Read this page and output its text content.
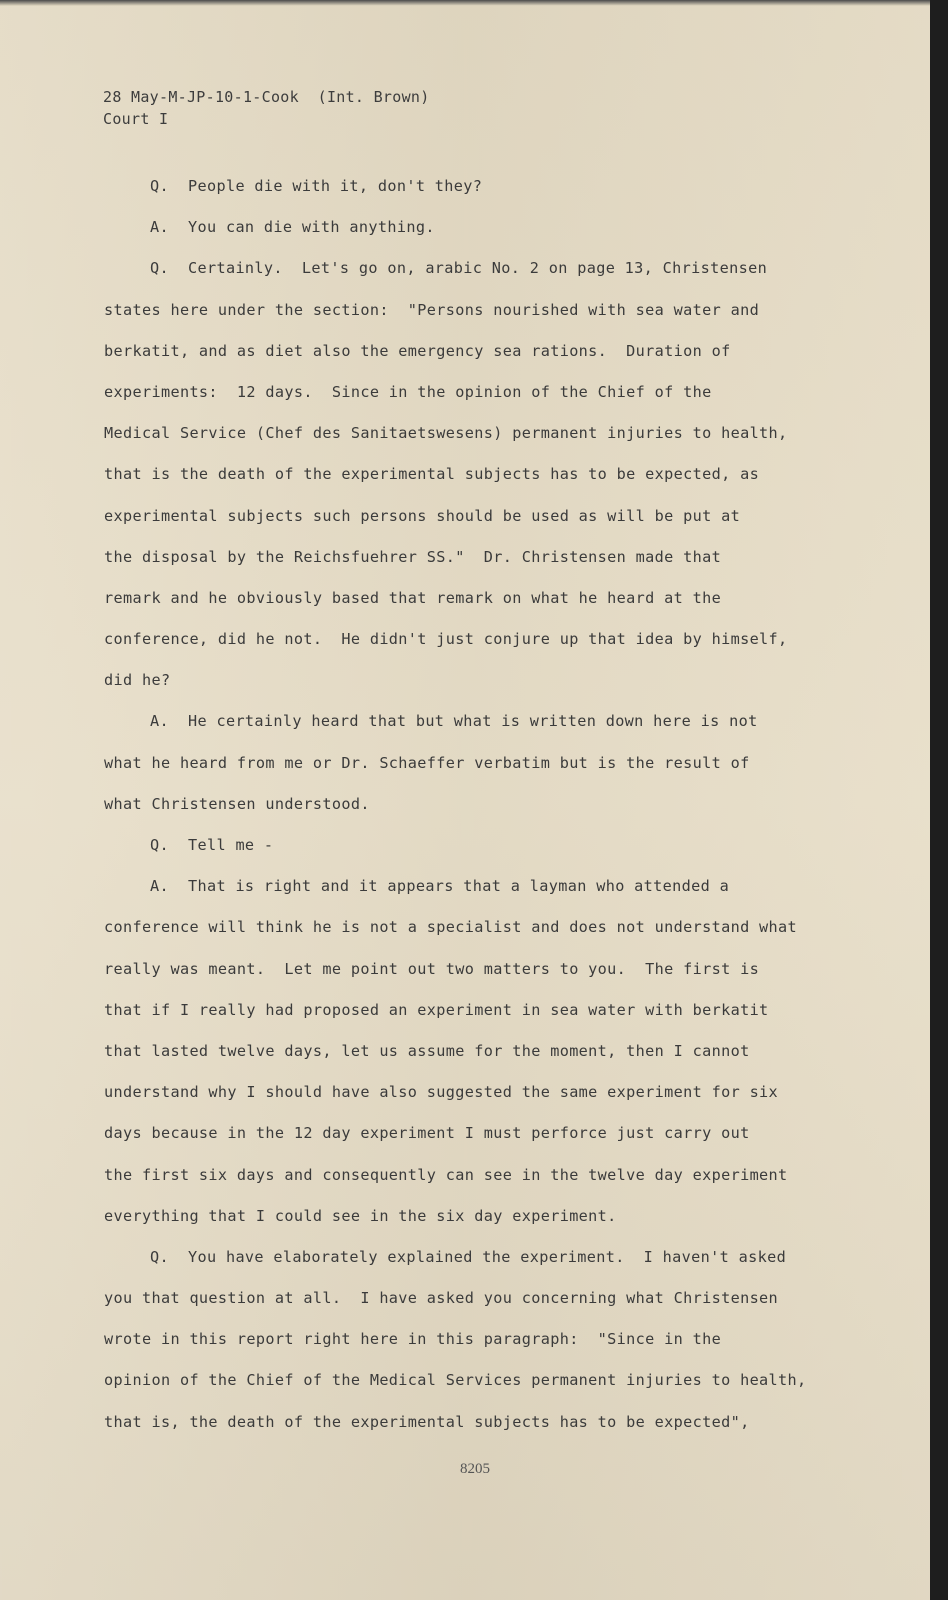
28 May-M-JP-10-1-Cook  (Int. Brown)
Court I
Q.  People die with it, don't they?
A.  You can die with anything.
Q.  Certainly.  Let's go on, arabic No. 2 on page 13, Christensen
states here under the section:  "Persons nourished with sea water and
berkatit, and as diet also the emergency sea rations.  Duration of
experiments:  12 days.  Since in the opinion of the Chief of the
Medical Service (Chef des Sanitaetswesens) permanent injuries to health,
that is the death of the experimental subjects has to be expected, as
experimental subjects such persons should be used as will be put at
the disposal by the Reichsfuehrer SS."  Dr. Christensen made that
remark and he obviously based that remark on what he heard at the
conference, did he not.  He didn't just conjure up that idea by himself,
did he?
A.  He certainly heard that but what is written down here is not
what he heard from me or Dr. Schaeffer verbatim but is the result of
what Christensen understood.
Q.  Tell me -
A.  That is right and it appears that a layman who attended a
conference will think he is not a specialist and does not understand what
really was meant.  Let me point out two matters to you.  The first is
that if I really had proposed an experiment in sea water with berkatit
that lasted twelve days, let us assume for the moment, then I cannot
understand why I should have also suggested the same experiment for six
days because in the 12 day experiment I must perforce just carry out
the first six days and consequently can see in the twelve day experiment
everything that I could see in the six day experiment.
Q.  You have elaborately explained the experiment.  I haven't asked
you that question at all.  I have asked you concerning what Christensen
wrote in this report right here in this paragraph:  "Since in the
opinion of the Chief of the Medical Services permanent injuries to health,
that is, the death of the experimental subjects has to be expected",
8205
